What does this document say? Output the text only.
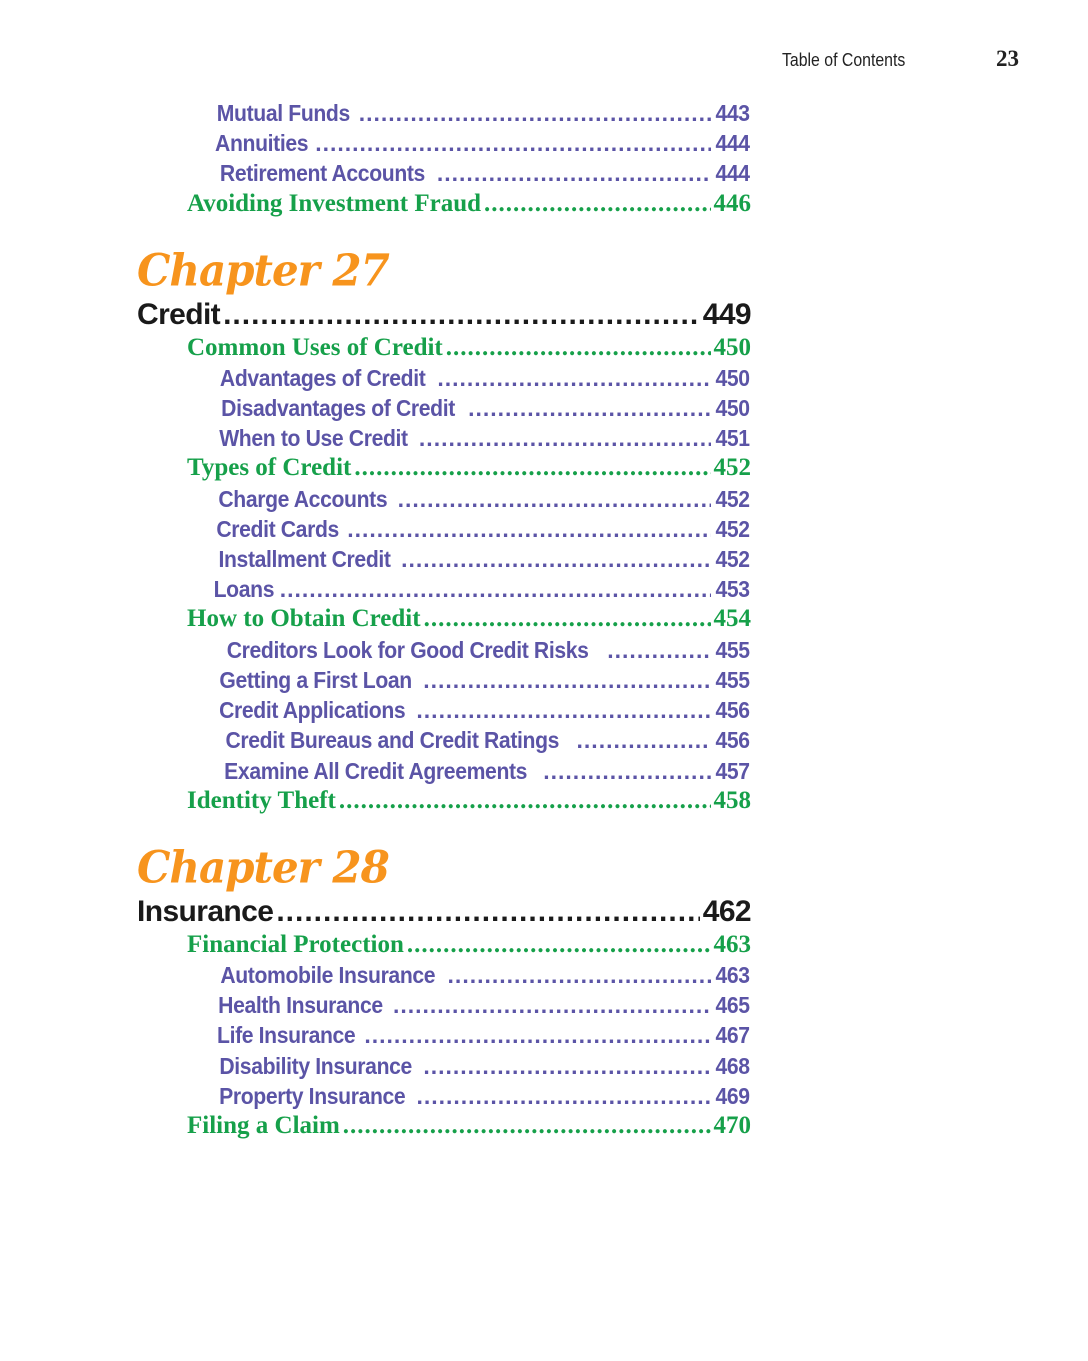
Table of Contents	23
Mutual Funds .....	443
Annuities .....	444
Retirement Accounts .....	444
Avoiding Investment Fraud .....	446
Chapter 27
Credit .....	449
Common Uses of Credit .....	450
Advantages of Credit .....	450
Disadvantages of Credit .....	450
When to Use Credit .....	451
Types of Credit .....	452
Charge Accounts .....	452
Credit Cards .....	452
Installment Credit .....	452
Loans .....	453
How to Obtain Credit .....	454
Creditors Look for Good Credit Risks .....	455
Getting a First Loan .....	455
Credit Applications .....	456
Credit Bureaus and Credit Ratings .....	456
Examine All Credit Agreements .....	457
Identity Theft .....	458
Chapter 28
Insurance .....	462
Financial Protection .....	463
Automobile Insurance .....	463
Health Insurance .....	465
Life Insurance .....	467
Disability Insurance .....	468
Property Insurance .....	469
Filing a Claim .....	470
